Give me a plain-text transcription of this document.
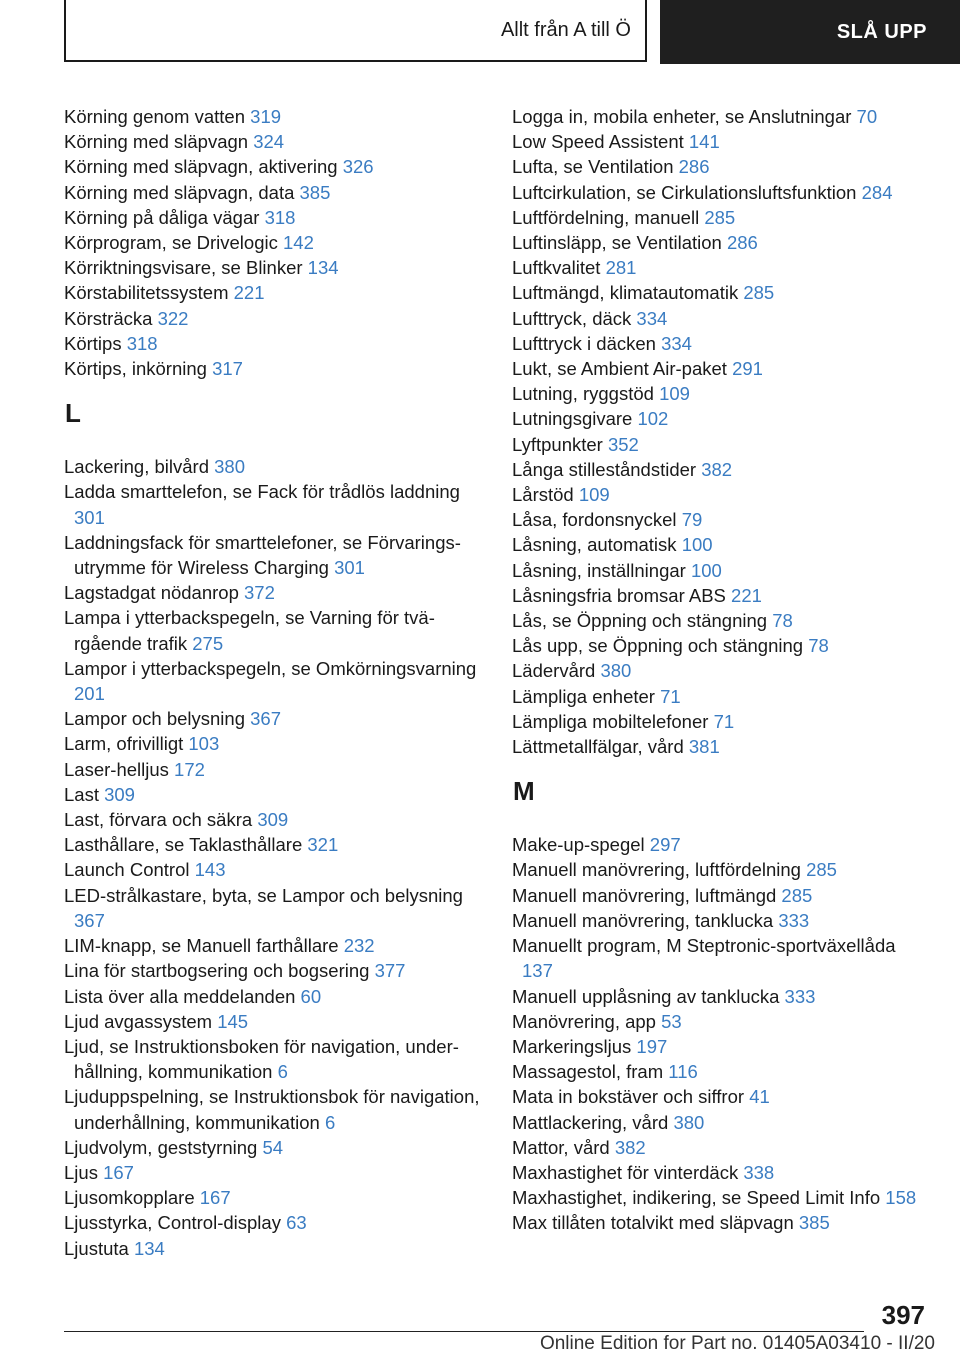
Allt från A till Ö	SLÅ UPP

Körning genom vatten 319

Körning med släpvagn 324

Körning med släpvagn, aktivering 326

Körning med släpvagn, data 385

Körning på dåliga vägar 318

Körprogram, se Drivelogic 142

Körriktningsvisare, se Blinker 134

Körstabilitetssystem 221

Körsträcka 322

Körtips 318

Körtips, inkörning 317

L

Lackering, bilvård 380

Ladda smarttelefon, se Fack för trådlös laddning 301

Laddningsfack för smarttelefoner, se Förvaringsutrymme för Wireless Charging 301

Lagstadgat nödanrop 372

Lampa i ytterbackspegeln, se Varning för tvärgående trafik 275

Lampor i ytterbackspegeln, se Omkörningsvarning 201

Lampor och belysning 367

Larm, ofrivilligt 103

Laser-helljus 172

Last 309

Last, förvara och säkra 309

Lasthållare, se Taklasthållare 321

Launch Control 143

LED-strålkastare, byta, se Lampor och belysning 367

LIM-knapp, se Manuell farthållare 232

Lina för startbogsering och bogsering 377

Lista över alla meddelanden 60

Ljud avgassystem 145

Ljud, se Instruktionsboken för navigation, underhållning, kommunikation 6

Ljuduppspelning, se Instruktionsbok för navigation, underhållning, kommunikation 6

Ljudvolym, geststyrning 54

Ljus 167

Ljusomkopplare 167

Ljusstyrka, Control-display 63

Ljustuta 134

Logga in, mobila enheter, se Anslutningar 70

Low Speed Assistent 141

Lufta, se Ventilation 286

Luftcirkulation, se Cirkulationsluftsfunktion 284

Luftfördelning, manuell 285

Luftinsläpp, se Ventilation 286

Luftkvalitet 281

Luftmängd, klimatautomatik 285

Lufttryck, däck 334

Lufttryck i däcken 334

Lukt, se Ambient Air-paket 291

Lutning, ryggstöd 109

Lutningsgivare 102

Lyftpunkter 352

Långa stilleståndstider 382

Lårstöd 109

Låsa, fordonsnyckel 79

Låsning, automatisk 100

Låsning, inställningar 100

Låsningsfria bromsar ABS 221

Lås, se Öppning och stängning 78

Lås upp, se Öppning och stängning 78

Lädervård 380

Lämpliga enheter 71

Lämpliga mobiltelefoner 71

Lättmetallfälgar, vård 381

M

Make-up-spegel 297

Manuell manövrering, luftfördelning 285

Manuell manövrering, luftmängd 285

Manuell manövrering, tanklucka 333

Manuellt program, M Steptronic-sportväxellåda 137

Manuell upplåsning av tanklucka 333

Manövrering, app 53

Markeringsljus 197

Massagestol, fram 116

Mata in bokstäver och siffror 41

Mattlackering, vård 380

Mattor, vård 382

Maxhastighet för vinterdäck 338

Maxhastighet, indikering, se Speed Limit Info 158

Max tillåten totalvikt med släpvagn 385

397
Online Edition for Part no. 01405A03410 - II/20
